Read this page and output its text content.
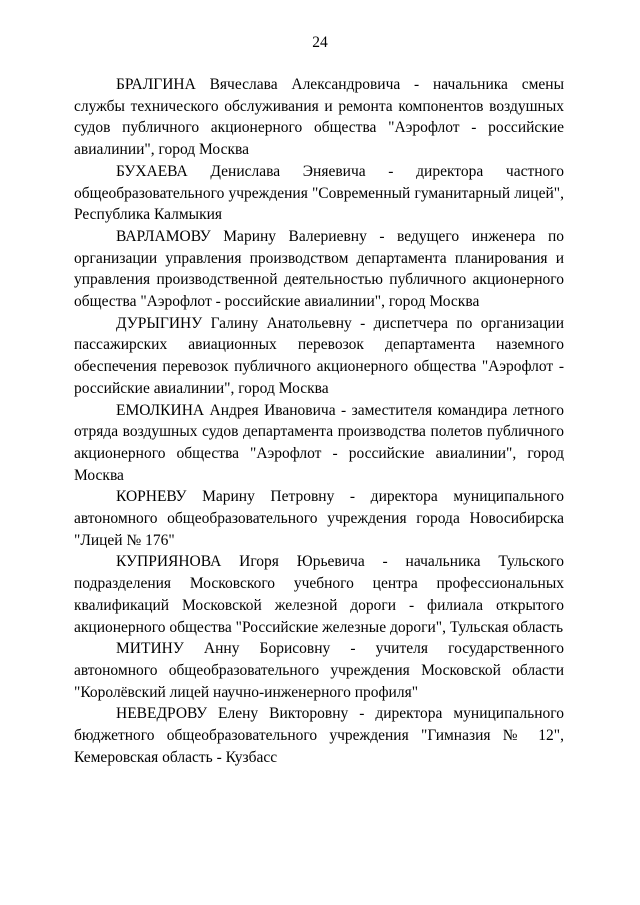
24

БРАЛГИНА Вячеслава Александровича - начальника смены службы технического обслуживания и ремонта компонентов воздушных судов публичного акционерного общества "Аэрофлот - российские авиалинии", город Москва

БУХАЕВА Денислава Эняевича - директора частного общеобразовательного учреждения "Современный гуманитарный лицей", Республика Калмыкия

ВАРЛАМОВУ Марину Валериевну - ведущего инженера по организации управления производством департамента планирования и управления производственной деятельностью публичного акционерного общества "Аэрофлот - российские авиалинии", город Москва

ДУРЫГИНУ Галину Анатольевну - диспетчера по организации пассажирских авиационных перевозок департамента наземного обеспечения перевозок публичного акционерного общества "Аэрофлот - российские авиалинии", город Москва

ЕМОЛКИНА Андрея Ивановича - заместителя командира летного отряда воздушных судов департамента производства полетов публичного акционерного общества "Аэрофлот - российские авиалинии", город Москва

КОРНЕВУ Марину Петровну - директора муниципального автономного общеобразовательного учреждения города Новосибирска "Лицей № 176"

КУПРИЯНОВА Игоря Юрьевича - начальника Тульского подразделения Московского учебного центра профессиональных квалификаций Московской железной дороги - филиала открытого акционерного общества "Российские железные дороги", Тульская область

МИТИНУ Анну Борисовну - учителя государственного автономного общеобразовательного учреждения Московской области "Королёвский лицей научно-инженерного профиля"

НЕВЕДРОВУ Елену Викторовну - директора муниципального бюджетного общеобразовательного учреждения "Гимназия № 12", Кемеровская область - Кузбасс
